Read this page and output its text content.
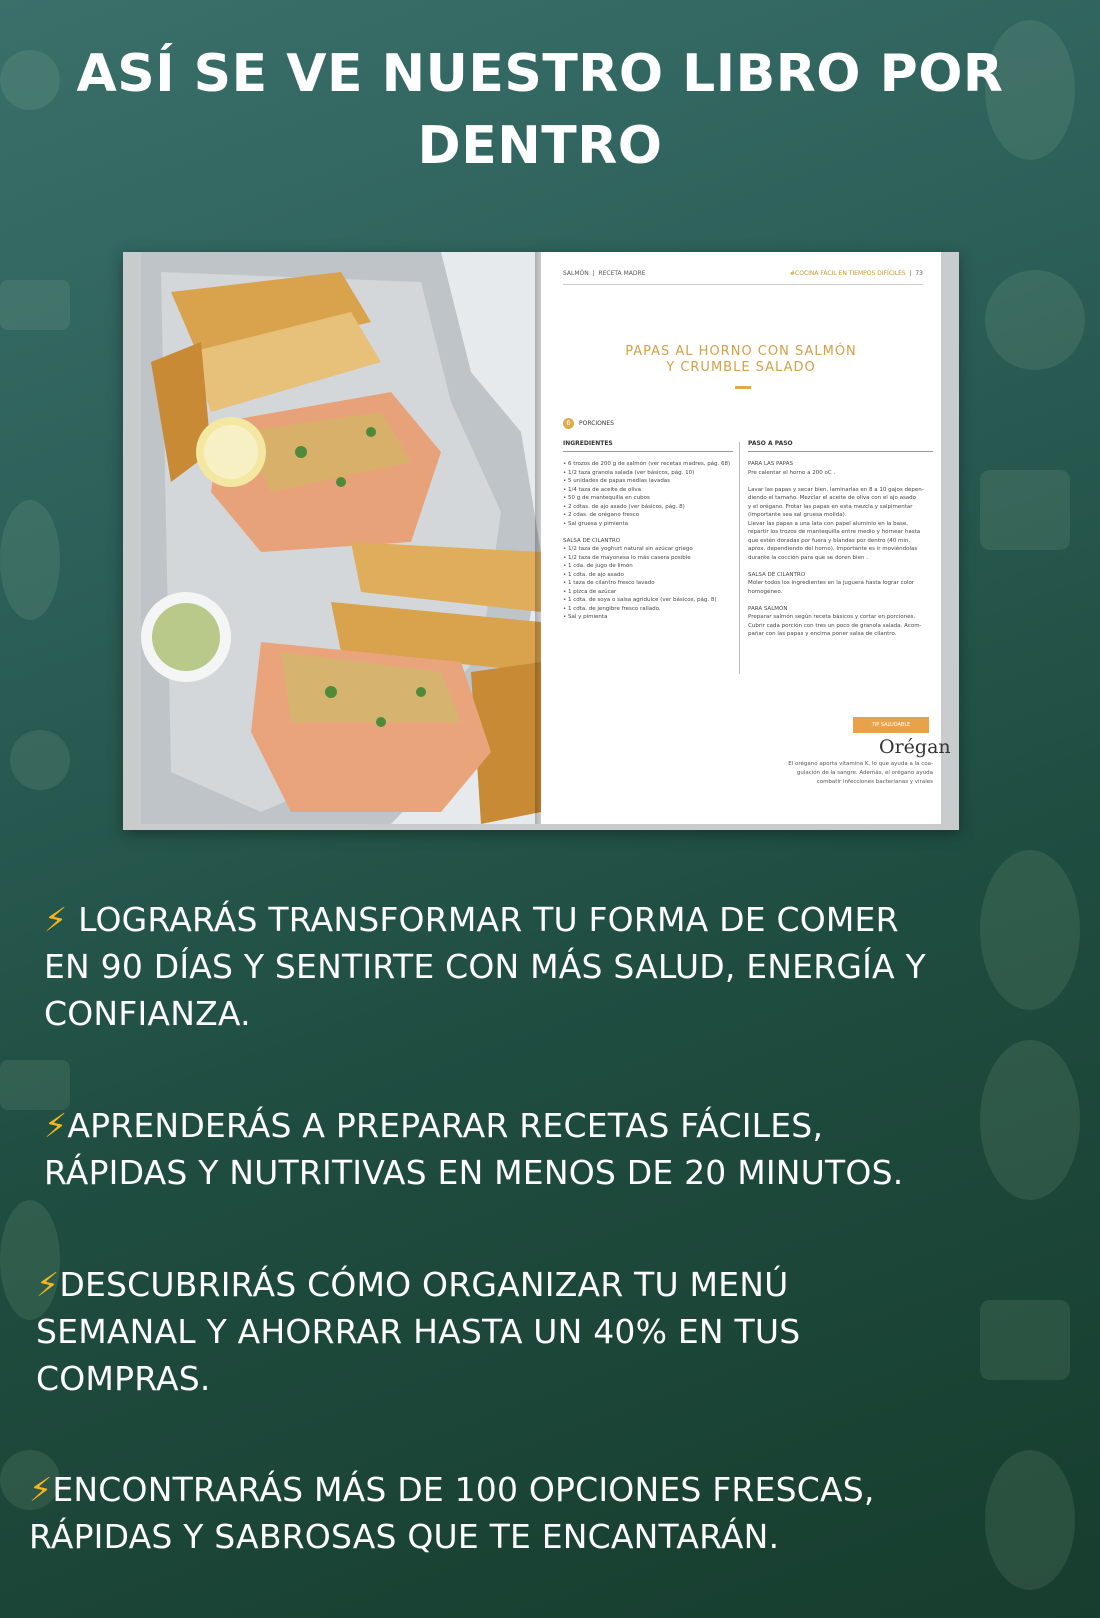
ASÍ SE VE NUESTRO LIBRO POR
DENTRO
SALMÓN  |  RECETA MADRE	#COCINA FÁCIL EN TIEMPOS DIFÍCILES  |  73
PAPAS AL HORNO CON SALMÓN
Y CRUMBLE SALADO
6	PORCIONES
INGREDIENTES	PASO A PASO
• 6 trozos de 200 g de salmón (ver recetas madres, pág. 68)
• 1/2 taza granola salada (ver básicos, pág. 10)
• 5 unidades de papas medias lavadas
• 1/4 taza de aceite de oliva
• 50 g de mantequilla en cubos
• 2 cdtas. de ajo asado (ver básicos, pág. 8)
• 2 cdas. de orégano fresco
• Sal gruesa y pimienta

SALSA DE CILANTRO
• 1/2 taza de yoghurt natural sin azúcar griego
• 1/2 taza de mayonesa lo más casera posible
• 1 cda. de jugo de limón
• 1 cdta. de ajo asado
• 1 taza de cilantro fresco lavado
• 1 pizca de azúcar
• 1 cdta. de soya o salsa agridulce (ver básicos, pág. 8)
• 1 cdta. de jengibre fresco rallado.
• Sal y pimienta
PARA LAS PAPAS
Pre calentar el horno a 200 oC .

Lavar las papas y secar bien, laminarlas en 8 a 10 gajos depen-
diendo el tamaño. Mezclar el aceite de oliva con el ajo asado
y el orégano. Frotar las papas en esta mezcla y salpimentar
(importante sea sal gruesa molida).
Llevar las papas a una lata con papel aluminio en la base,
repartir los trozos de mantequilla entre medio y hornear hasta
que estén doradas por fuera y blandas por dentro (40 min.
aprox. dependiendo del horno). Importante es ir moviéndolas
durante la cocción para que se doren bien .

SALSA DE CILANTRO
Moler todos los ingredientes en la juguera hasta lograr color
homogéneo.

PARA SALMÓN
Preparar salmón según receta básicos y cortar en porciones.
Cubrir cada porción con tres un poco de granola salada. Acom-
pañar con las papas y encima poner salsa de cilantro.
TIP SALUDABLE
Orégan
El orégano aporta vitamina K, lo que ayuda a la coa-
gulación de la sangre. Además, el orégano ayuda
combatir infecciones bacterianas y virales
⚡ LOGRARÁS TRANSFORMAR TU FORMA DE COMER
EN 90 DÍAS Y SENTIRTE CON MÁS SALUD, ENERGÍA Y
CONFIANZA.
⚡APRENDERÁS A PREPARAR RECETAS FÁCILES,
RÁPIDAS Y NUTRITIVAS EN MENOS DE 20 MINUTOS.
⚡DESCUBRIRÁS CÓMO ORGANIZAR TU MENÚ
SEMANAL Y AHORRAR HASTA UN 40% EN TUS
COMPRAS.
⚡ENCONTRARÁS MÁS DE 100 OPCIONES FRESCAS,
RÁPIDAS Y SABROSAS QUE TE ENCANTARÁN.
